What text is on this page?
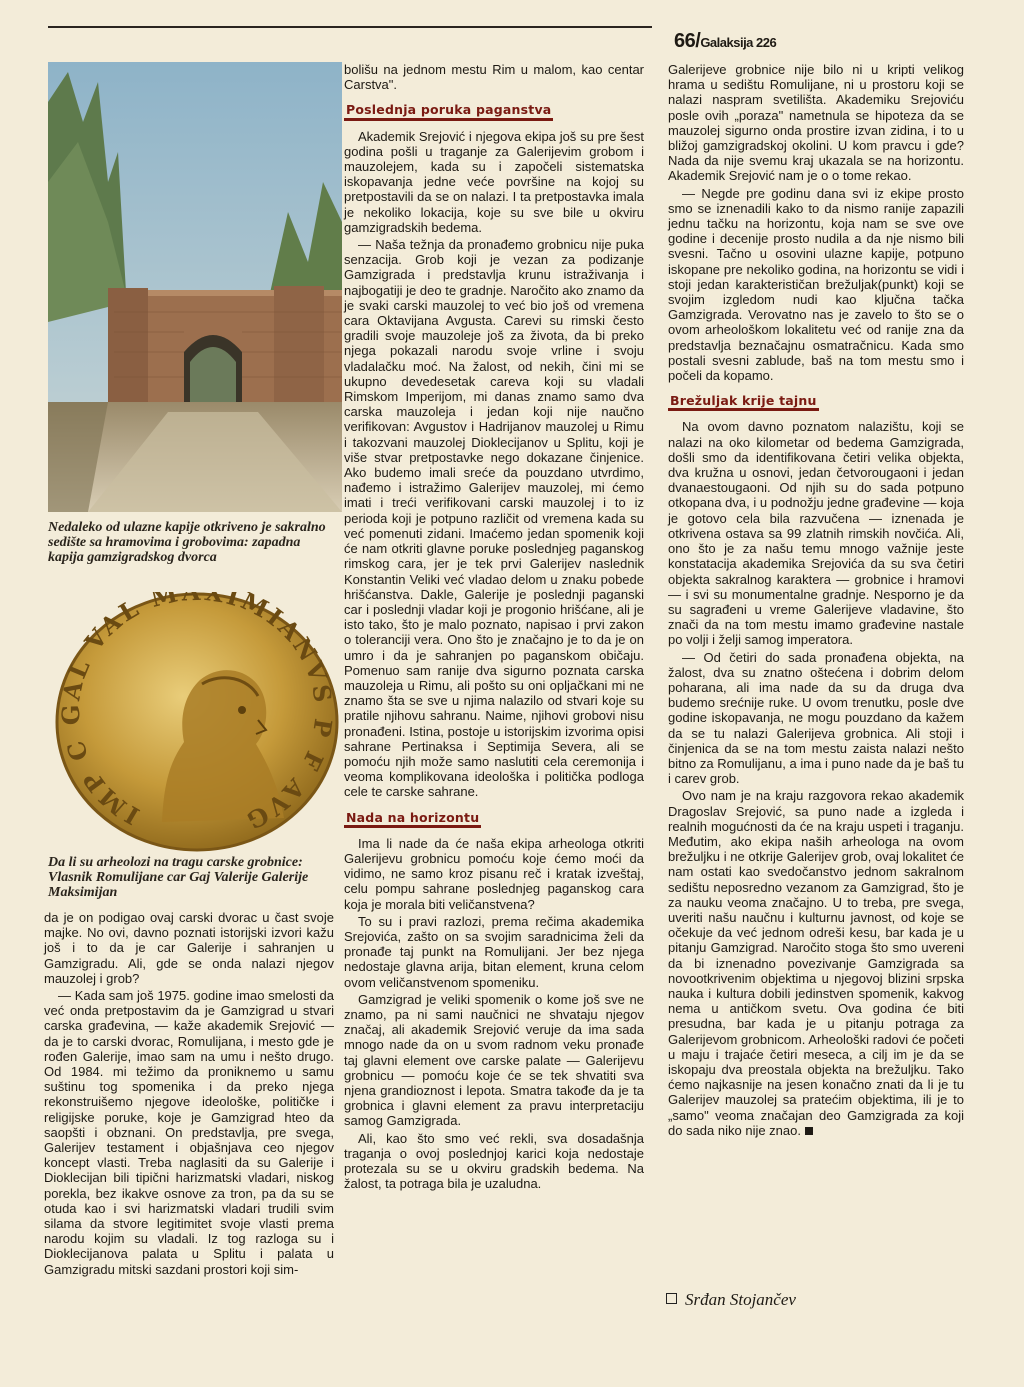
66/Galaksija 226
Nedaleko od ulazne kapije otkriveno je sakralno sedište sa hramovima i grobovima: zapadna kapija gamzigradskog dvorca
IMP C GAL VAL M XIMIANVS P F AVG
Da li su arheolozi na tragu carske grobnice: Vlasnik Romulijane car Gaj Valerije Galerije Maksimijan

da je on podigao ovaj carski dvorac u čast svoje majke. No ovi, davno poznati istorijski izvori kažu još i to da je car Galerije i sahranjen u Gamzigradu. Ali, gde se onda nalazi njegov mauzolej i grob?

— Kada sam još 1975. godine imao smelosti da već onda pretpostavim da je Gamzigrad u stvari carska građevina, — kaže akademik Srejović — da je to carski dvorac, Romulijana, i mesto gde je rođen Galerije, imao sam na umu i nešto drugo. Od 1984. mi težimo da proniknemo u samu suštinu tog spomenika i da preko njega rekonstruišemo njegove ideološke, političke i religijske poruke, koje je Gamzigrad hteo da saopšti i obznani. On predstavlja, pre svega, Galerijev testament i objašnjava ceo njegov koncept vlasti. Treba naglasiti da su Galerije i Dioklecijan bili tipični harizmatski vladari, niskog porekla, bez ikakve osnove za tron, pa da su se otuda kao i svi harizmatski vladari trudili svim silama da stvore legitimitet svoje vlasti prema narodu kojim su vladali. Iz tog razloga su i Dioklecijanova palata u Splitu i palata u Gamzigradu mitski sazdani prostori koji sim-

bolišu na jednom mestu Rim u malom, kao centar Carstva".

Poslednja poruka paganstva

Akademik Srejović i njegova ekipa još su pre šest godina pošli u traganje za Galerijevim grobom i mauzolejem, kada su i započeli sistematska iskopavanja jedne veće površine na kojoj su pretpostavili da se on nalazi. I ta pretpostavka imala je nekoliko lokacija, koje su sve bile u okviru gamzigradskih bedema.

— Naša težnja da pronađemo grobnicu nije puka senzacija. Grob koji je vezan za podizanje Gamzigrada i predstavlja krunu istraživanja i najbogatiji je deo te gradnje. Naročito ako znamo da je svaki carski mauzolej to već bio još od vremena cara Oktavijana Avgusta. Carevi su rimski često gradili svoje mauzoleje još za života, da bi preko njega pokazali narodu svoje vrline i svoju vladalačku moć. Na žalost, od nekih, čini mi se ukupno devedesetak careva koji su vladali Rimskom Imperijom, mi danas znamo samo dva carska mauzoleja i jedan koji nije naučno verifikovan: Avgustov i Hadrijanov mauzolej u Rimu i takozvani mauzolej Dioklecijanov u Splitu, koji je više stvar pretpostavke nego dokazane činjenice. Ako budemo imali sreće da pouzdano utvrdimo, nađemo i istražimo Galerijev mauzolej, mi ćemo imati i treći verifikovani carski mauzolej i to iz perioda koji je potpuno različit od vremena kada su već pomenuti zidani. Imaćemo jedan spomenik koji će nam otkriti glavne poruke poslednjeg paganskog rimskog cara, jer je tek prvi Galerijev naslednik Konstantin Veliki već vladao delom u znaku pobede hrišćanstva. Dakle, Galerije je poslednji paganski car i poslednji vladar koji je progonio hrišćane, ali je isto tako, što je malo poznato, napisao i prvi zakon o toleranciji vera. Ono što je značajno je to da je on umro i da je sahranjen po paganskom običaju. Pomenuo sam ranije dva sigurno poznata carska mauzoleja u Rimu, ali pošto su oni opljačkani mi ne znamo šta se sve u njima nalazilo od stvari koje su pratile njihovu sahranu. Naime, njihovi grobovi nisu pronađeni. Istina, postoje u istorijskim izvorima opisi sahrane Pertinaksa i Septimija Severa, ali se pomoću njih može samo naslutiti cela ceremonija i veoma komplikovana ideološka i politička podloga cele te carske sahrane.

Nada na horizontu

Ima li nade da će naša ekipa arheologa otkriti Galerijevu grobnicu pomoću koje ćemo moći da vidimo, ne samo kroz pisanu reč i kratak izveštaj, celu pompu sahrane poslednjeg paganskog cara koja je morala biti veličanstvena?

To su i pravi razlozi, prema rečima akademika Srejovića, zašto on sa svojim saradnicima želi da pronađe taj punkt na Romulijani. Jer bez njega nedostaje glavna arija, bitan element, kruna celom ovom veličanstvenom spomeniku.

Gamzigrad je veliki spomenik o kome još sve ne znamo, pa ni sami naučnici ne shvataju njegov značaj, ali akademik Srejović veruje da ima sada mnogo nade da on u svom radnom veku pronađe taj glavni element ove carske palate — Galerijevu grobnicu — pomoću koje će se tek shvatiti sva njena grandioznost i lepota. Smatra takođe da je ta grobnica i glavni element za pravu interpretaciju samog Gamzigrada.

Ali, kao što smo već rekli, sva dosadašnja traganja o ovoj poslednjoj karici koja nedostaje protezala su se u okviru gradskih bedema. Na žalost, ta potraga bila je uzaludna.

Galerijeve grobnice nije bilo ni u kripti velikog hrama u sedištu Romulijane, ni u prostoru koji se nalazi naspram svetilišta. Akademiku Srejoviću posle ovih „poraza" nametnula se hipoteza da se mauzolej sigurno onda prostire izvan zidina, i to u bližoj gamzigradskoj okolini. U kom pravcu i gde? Nada da nije svemu kraj ukazala se na horizontu. Akademik Srejović nam je o o tome rekao.

— Negde pre godinu dana svi iz ekipe prosto smo se iznenadili kako to da nismo ranije zapazili jednu tačku na horizontu, koja nam se sve ove godine i decenije prosto nudila a da nje nismo bili svesni. Tačno u osovini ulazne kapije, potpuno iskopane pre nekoliko godina, na horizontu se vidi i stoji jedan karakterističan brežuljak(punkt) koji se svojim izgledom nudi kao ključna tačka Gamzigrada. Verovatno nas je zavelo to što se o ovom arheološkom lokalitetu već od ranije zna da predstavlja beznačajnu osmatračnicu. Kada smo postali svesni zablude, baš na tom mestu smo i počeli da kopamo.

Brežuljak krije tajnu

Na ovom davno poznatom nalazištu, koji se nalazi na oko kilometar od bedema Gamzigrada, došli smo da identifikovana četiri velika objekta, dva kružna u osnovi, jedan četvorougaoni i jedan dvanaestougaoni. Od njih su do sada potpuno otkopana dva, i u podnožju jedne građevine — koja je gotovo cela bila razvučena — iznenada je otkrivena ostava sa 99 zlatnih rimskih novčića. Ali, ono što je za našu temu mnogo važnije jeste konstatacija akademika Srejovića da su sva četiri objekta sakralnog karaktera — grobnice i hramovi — i svi su monumentalne gradnje. Nesporno je da su sagrađeni u vreme Galerijeve vladavine, što znači da na tom mestu imamo građevine nastale po volji i želji samog imperatora.

— Od četiri do sada pronađena objekta, na žalost, dva su znatno oštećena i dobrim delom poharana, ali ima nade da su da druga dva budemo srećnije ruke. U ovom trenutku, posle dve godine iskopavanja, ne mogu pouzdano da kažem da se tu nalazi Galerijeva grobnica. Ali stoji i činjenica da se na tom mestu zaista nalazi nešto bitno za Romulijanu, a ima i puno nade da je baš tu i carev grob.

Ovo nam je na kraju razgovora rekao akademik Dragoslav Srejović, sa puno nade a izgleda i realnih mogućnosti da će na kraju uspeti i traganju. Međutim, ako ekipa naših arheologa na ovom brežuljku i ne otkrije Galerijev grob, ovaj lokalitet će nam ostati kao svedočanstvo jednom sakralnom sedištu neposredno vezanom za Gamzigrad, što je za nauku veoma značajno. U to treba, pre svega, uveriti našu naučnu i kulturnu javnost, od koje se očekuje da već jednom odreši kesu, bar kada je u pitanju Gamzigrad. Naročito stoga što smo uvereni da bi iznenadno povezivanje Gamzigrada sa novootkrivenim objektima u njegovoj blizini srpska nauka i kultura dobili jedinstven spomenik, kakvog nema u antičkom svetu. Ova godina će biti presudna, bar kada je u pitanju potraga za Galerijevom grobnicom. Arheološki radovi će početi u maju i trajaće četiri meseca, a cilj im je da se iskopaju dva preostala objekta na brežuljku. Tako ćemo najkasnije na jesen konačno znati da li je tu Galerijev mauzolej sa pratećim objektima, ili je to „samo" veoma značajan deo Gamzigrada za koji do sada niko nije znao.

Srđan Stojančev
